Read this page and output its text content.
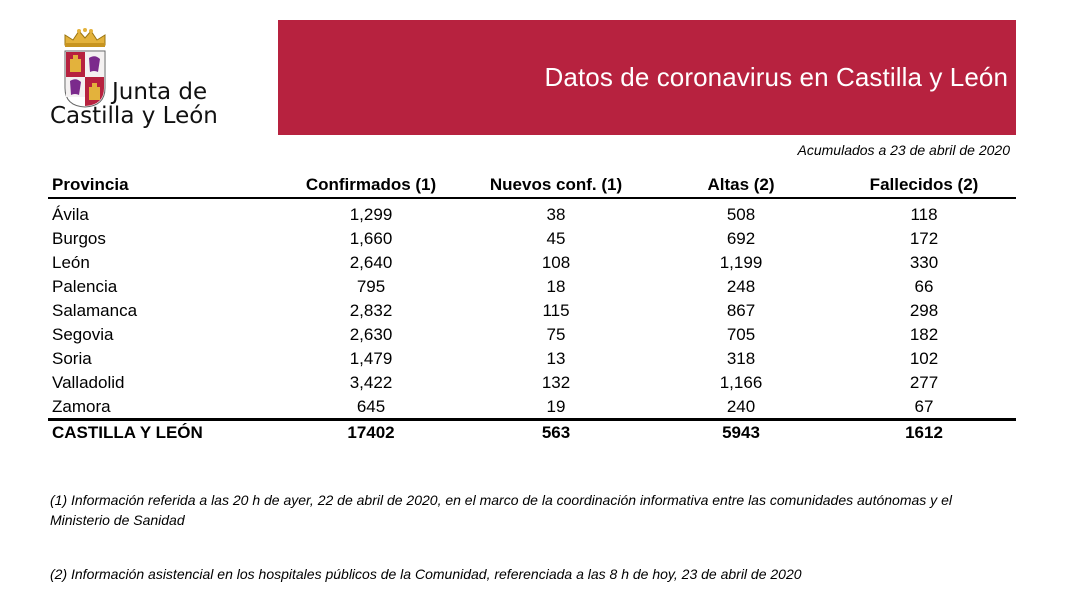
Junta de
Castilla y León
Datos de coronavirus en Castilla y León
Acumulados a 23 de abril de 2020
Provincia	Confirmados (1)	Nuevos conf. (1)	Altas (2)	Fallecidos (2)
Ávila	1,299	38	508	118
Burgos	1,660	45	692	172
León	2,640	108	1,199	330
Palencia	795	18	248	66
Salamanca	2,832	115	867	298
Segovia	2,630	75	705	182
Soria	1,479	13	318	102
Valladolid	3,422	132	1,166	277
Zamora	645	19	240	67
CASTILLA Y LEÓN	17402	563	5943	1612
(1) Información referida a las 20 h de ayer, 22 de abril de 2020, en el marco de la coordinación informativa entre las comunidades autónomas y el Ministerio de Sanidad
(2) Información asistencial en los hospitales públicos de la Comunidad, referenciada a las 8 h de hoy, 23 de abril de 2020
